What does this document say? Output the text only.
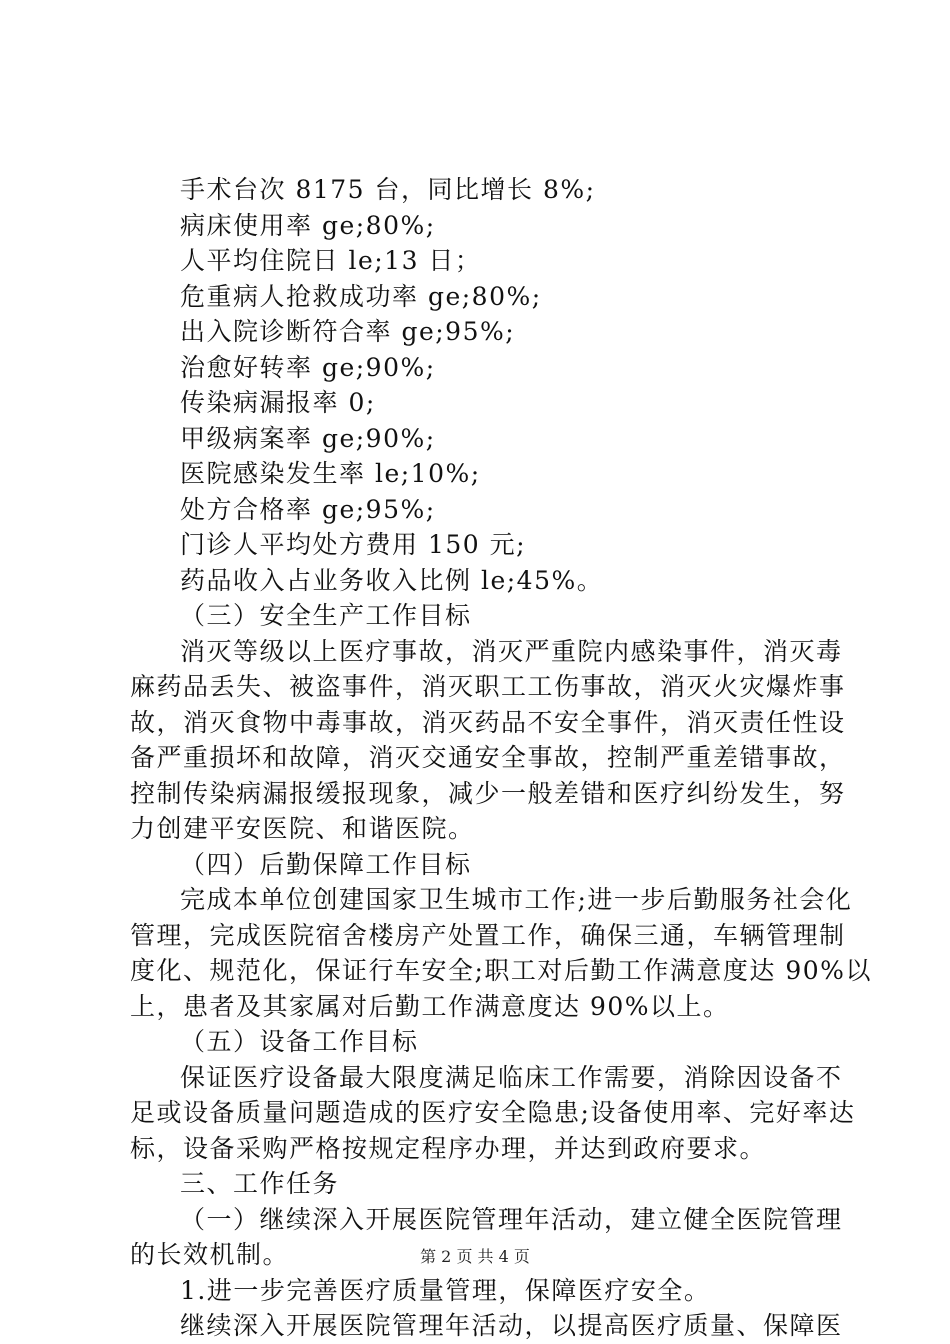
手术台次 8175 台，同比增长 8%;
病床使用率 ge;80%;
人平均住院日 le;13 日；
危重病人抢救成功率 ge;80%;
出入院诊断符合率 ge;95%;
治愈好转率 ge;90%;
传染病漏报率 0;
甲级病案率 ge;90%;
医院感染发生率 le;10%;
处方合格率 ge;95%;
门诊人平均处方费用 150 元;
药品收入占业务收入比例 le;45%。
（三）安全生产工作目标
消灭等级以上医疗事故，消灭严重院内感染事件，消灭毒
麻药品丢失、被盗事件，消灭职工工伤事故，消灭火灾爆炸事
故，消灭食物中毒事故，消灭药品不安全事件，消灭责任性设
备严重损坏和故障，消灭交通安全事故，控制严重差错事故，
控制传染病漏报缓报现象，减少一般差错和医疗纠纷发生，努
力创建平安医院、和谐医院。
（四）后勤保障工作目标
完成本单位创建国家卫生城市工作;进一步后勤服务社会化
管理，完成医院宿舍楼房产处置工作，确保三通，车辆管理制
度化、规范化，保证行车安全;职工对后勤工作满意度达 90%以
上，患者及其家属对后勤工作满意度达 90%以上。
（五）设备工作目标
保证医疗设备最大限度满足临床工作需要，消除因设备不
足或设备质量问题造成的医疗安全隐患;设备使用率、完好率达
标，设备采购严格按规定程序办理，并达到政府要求。
三、工作任务
（一）继续深入开展医院管理年活动，建立健全医院管理
的长效机制。
1.进一步完善医疗质量管理，保障医疗安全。
继续深入开展医院管理年活动，以提高医疗质量、保障医
第 2 页 共 4 页
